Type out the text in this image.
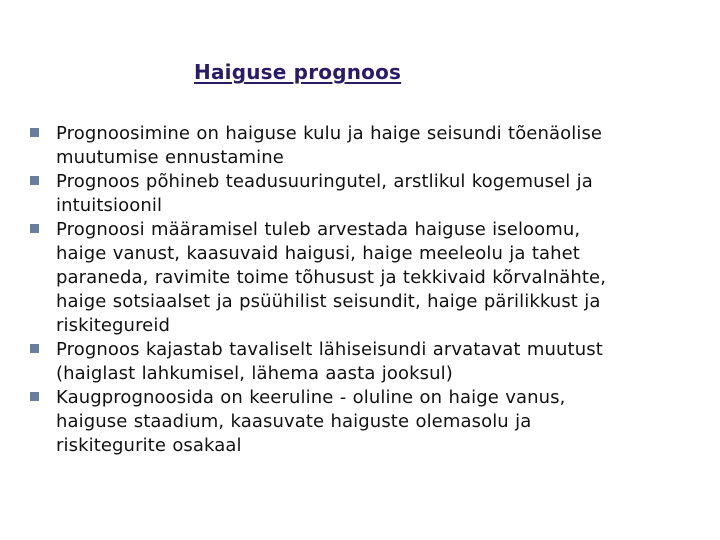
Haiguse prognoos
Prognoosimine on haiguse kulu ja haige seisundi tõenäolise
muutumise ennustamine
Prognoos põhineb teadusuuringutel, arstlikul kogemusel ja
intuitsioonil
Prognoosi määramisel tuleb arvestada haiguse iseloomu,
haige vanust, kaasuvaid haigusi, haige meeleolu ja tahet
paraneda, ravimite toime tõhusust ja tekkivaid kõrvalnähte,
haige sotsiaalset ja psüühilist seisundit, haige pärilikkust ja
riskitegureid
Prognoos kajastab tavaliselt lähiseisundi arvatavat muutust
(haiglast lahkumisel, lähema aasta jooksul)
Kaugprognoosida on keeruline - oluline on haige vanus,
haiguse staadium, kaasuvate haiguste olemasolu ja
riskitegurite osakaal
